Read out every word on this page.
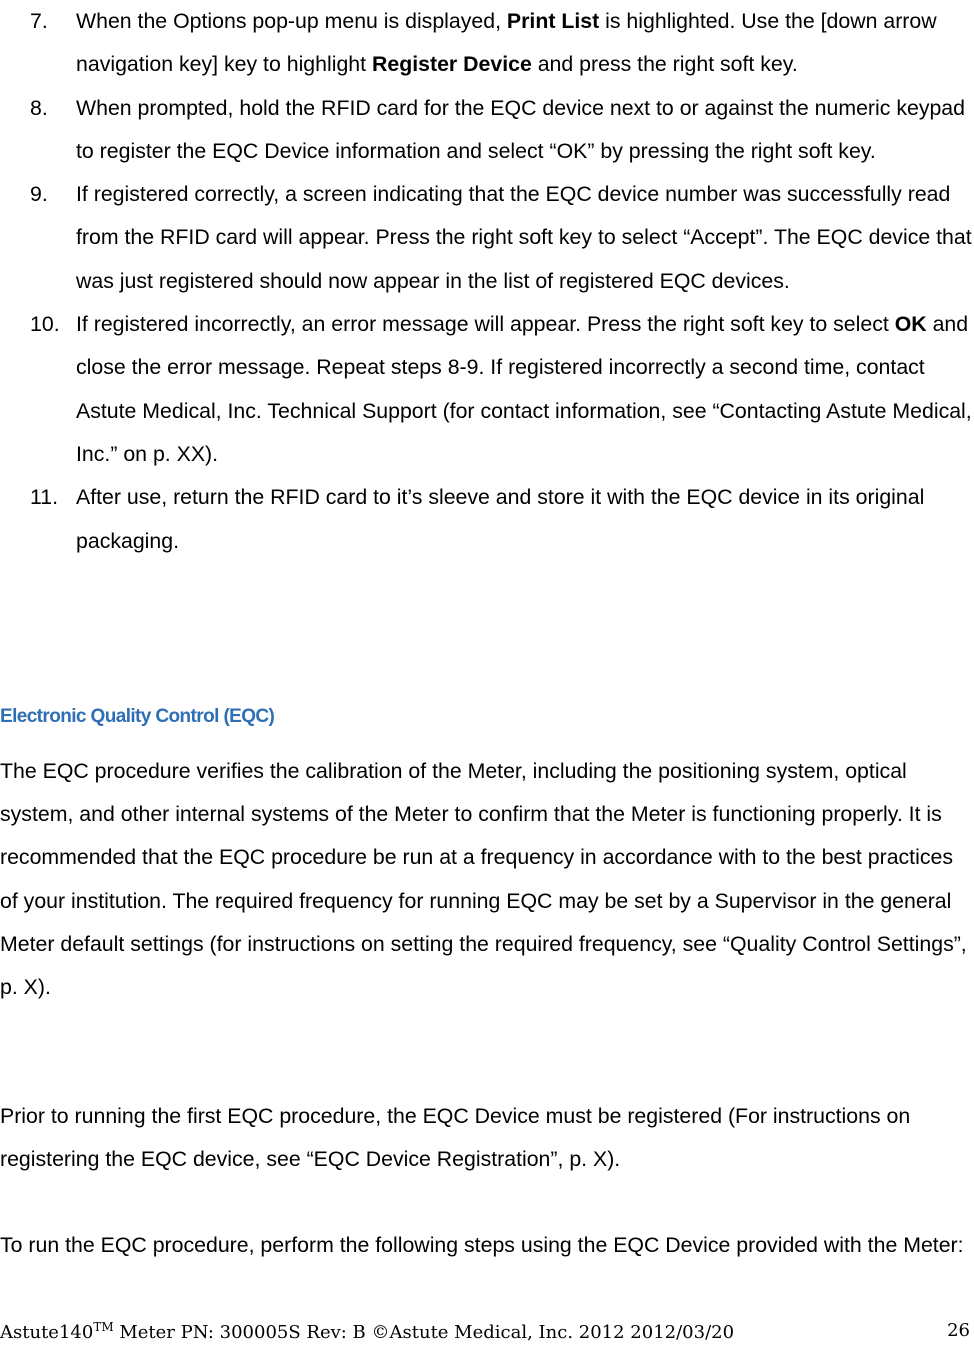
7.	When the Options pop-up menu is displayed, Print List is highlighted. Use the [down arrow navigation key] key to highlight Register Device and press the right soft key.
8.	When prompted, hold the RFID card for the EQC device next to or against the numeric keypad to register the EQC Device information and select “OK” by pressing the right soft key.
9.	If registered correctly, a screen indicating that the EQC device number was successfully read from the RFID card will appear. Press the right soft key to select “Accept”. The EQC device that was just registered should now appear in the list of registered EQC devices.
10. If registered incorrectly, an error message will appear. Press the right soft key to select OK and close the error message. Repeat steps 8-9. If registered incorrectly a second time, contact Astute Medical, Inc. Technical Support (for contact information, see “Contacting Astute Medical, Inc.” on p. XX).
11. After use, return the RFID card to it’s sleeve and store it with the EQC device in its original packaging.
Electronic Quality Control (EQC)

The EQC procedure verifies the calibration of the Meter, including the positioning system, optical system, and other internal systems of the Meter to confirm that the Meter is functioning properly. It is recommended that the EQC procedure be run at a frequency in accordance with to the best practices of your institution. The required frequency for running EQC may be set by a Supervisor in the general Meter default settings (for instructions on setting the required frequency, see “Quality Control Settings”, p. X).

Prior to running the first EQC procedure, the EQC Device must be registered (For instructions on registering the EQC device, see “EQC Device Registration”, p. X).

To run the EQC procedure, perform the following steps using the EQC Device provided with the Meter:

Astute140™ Meter PN: 300005S Rev: B ©Astute Medical, Inc. 2012 2012/03/20	26
